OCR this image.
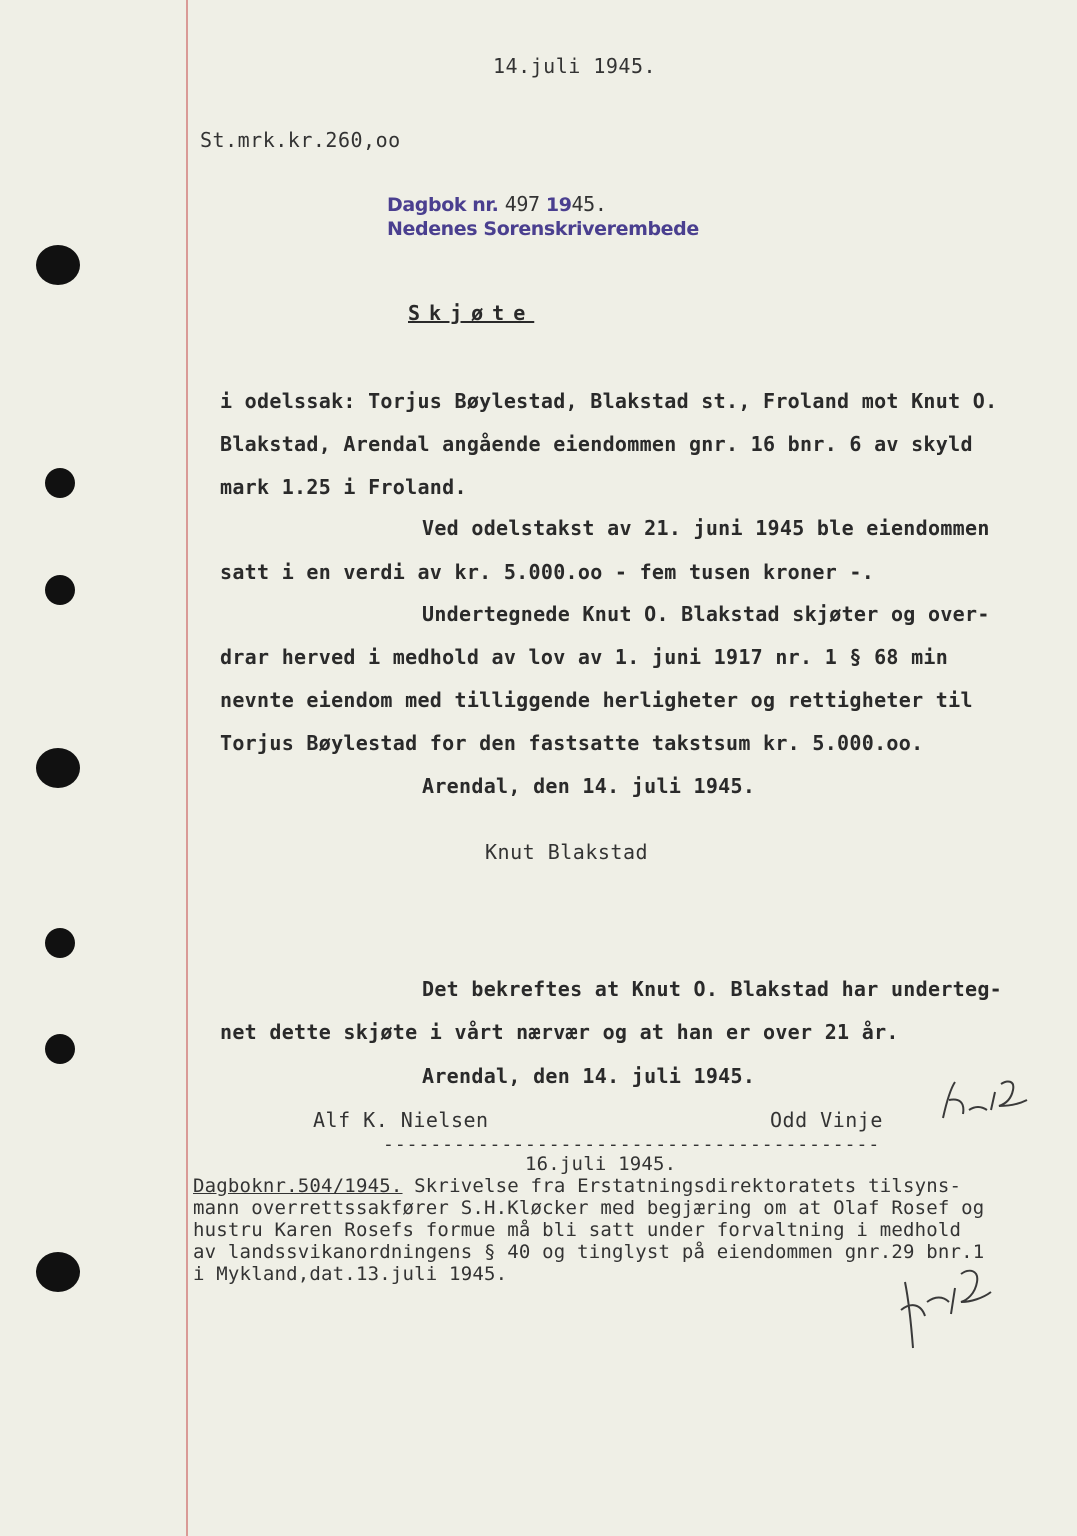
14.juli 1945.
St.mrk.kr.260,oo
Dagbok nr. 497 1945.
Nedenes Sorenskriverembede
Skjøte
i odelssak: Torjus Bøylestad, Blakstad st., Froland mot Knut O.
Blakstad, Arendal angående eiendommen gnr. 16 bnr. 6 av skyld
mark 1.25 i Froland.
Ved odelstakst av 21. juni 1945 ble eiendommen
satt i en verdi av kr. 5.000.oo - fem tusen kroner -.
Undertegnede Knut O. Blakstad skjøter og over-
drar herved i medhold av lov av 1. juni 1917 nr. 1 § 68 min
nevnte eiendom med tilliggende herligheter og rettigheter til
Torjus Bøylestad for den fastsatte takstsum kr. 5.000.oo.
Arendal, den 14. juli 1945.
Knut Blakstad
Det bekreftes at Knut O. Blakstad har underteg-
net dette skjøte i vårt nærvær og at han er over 21 år.
Arendal, den 14. juli 1945.
Alf K. Nielsen	Odd Vinje
------------------------------------------
16.juli 1945.
Dagboknr.504/1945. Skrivelse fra Erstatningsdirektoratets tilsyns-
mann overrettssakfører S.H.Kløcker med begjæring om at Olaf Rosef og
hustru Karen Rosefs formue må bli satt under forvaltning i medhold
av landssvikanordningens § 40 og tinglyst på eiendommen gnr.29 bnr.1
i Mykland,dat.13.juli 1945.
